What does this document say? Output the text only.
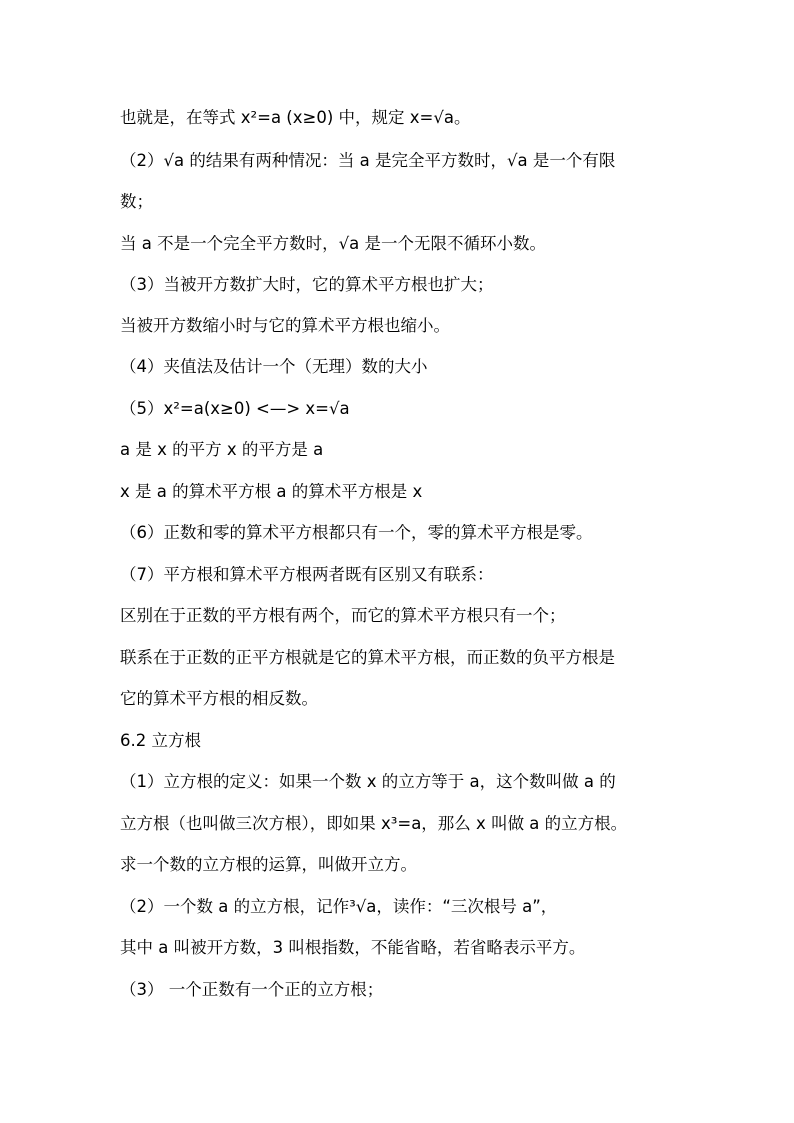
也就是，在等式 x²=a (x≥0) 中，规定 x=√a。
（2）√a 的结果有两种情况：当 a 是完全平方数时，√a 是一个有限
数；
当 a 不是一个完全平方数时，√a 是一个无限不循环小数。
（3）当被开方数扩大时，它的算术平方根也扩大；
当被开方数缩小时与它的算术平方根也缩小。
（4）夹值法及估计一个（无理）数的大小
（5）x²=a(x≥0) <—> x=√a
a 是 x 的平方 x 的平方是 a
x 是 a 的算术平方根 a 的算术平方根是 x
（6）正数和零的算术平方根都只有一个，零的算术平方根是零。
（7）平方根和算术平方根两者既有区别又有联系：
区别在于正数的平方根有两个，而它的算术平方根只有一个；
联系在于正数的正平方根就是它的算术平方根，而正数的负平方根是
它的算术平方根的相反数。
6.2 立方根
（1）立方根的定义：如果一个数 x 的立方等于 a，这个数叫做 a 的
立方根（也叫做三次方根），即如果 x³=a，那么 x 叫做 a 的立方根。
求一个数的立方根的运算，叫做开立方。
（2）一个数 a 的立方根，记作³√a，读作：“三次根号 a”，
其中 a 叫被开方数，3 叫根指数，不能省略，若省略表示平方。
（3） 一个正数有一个正的立方根；
